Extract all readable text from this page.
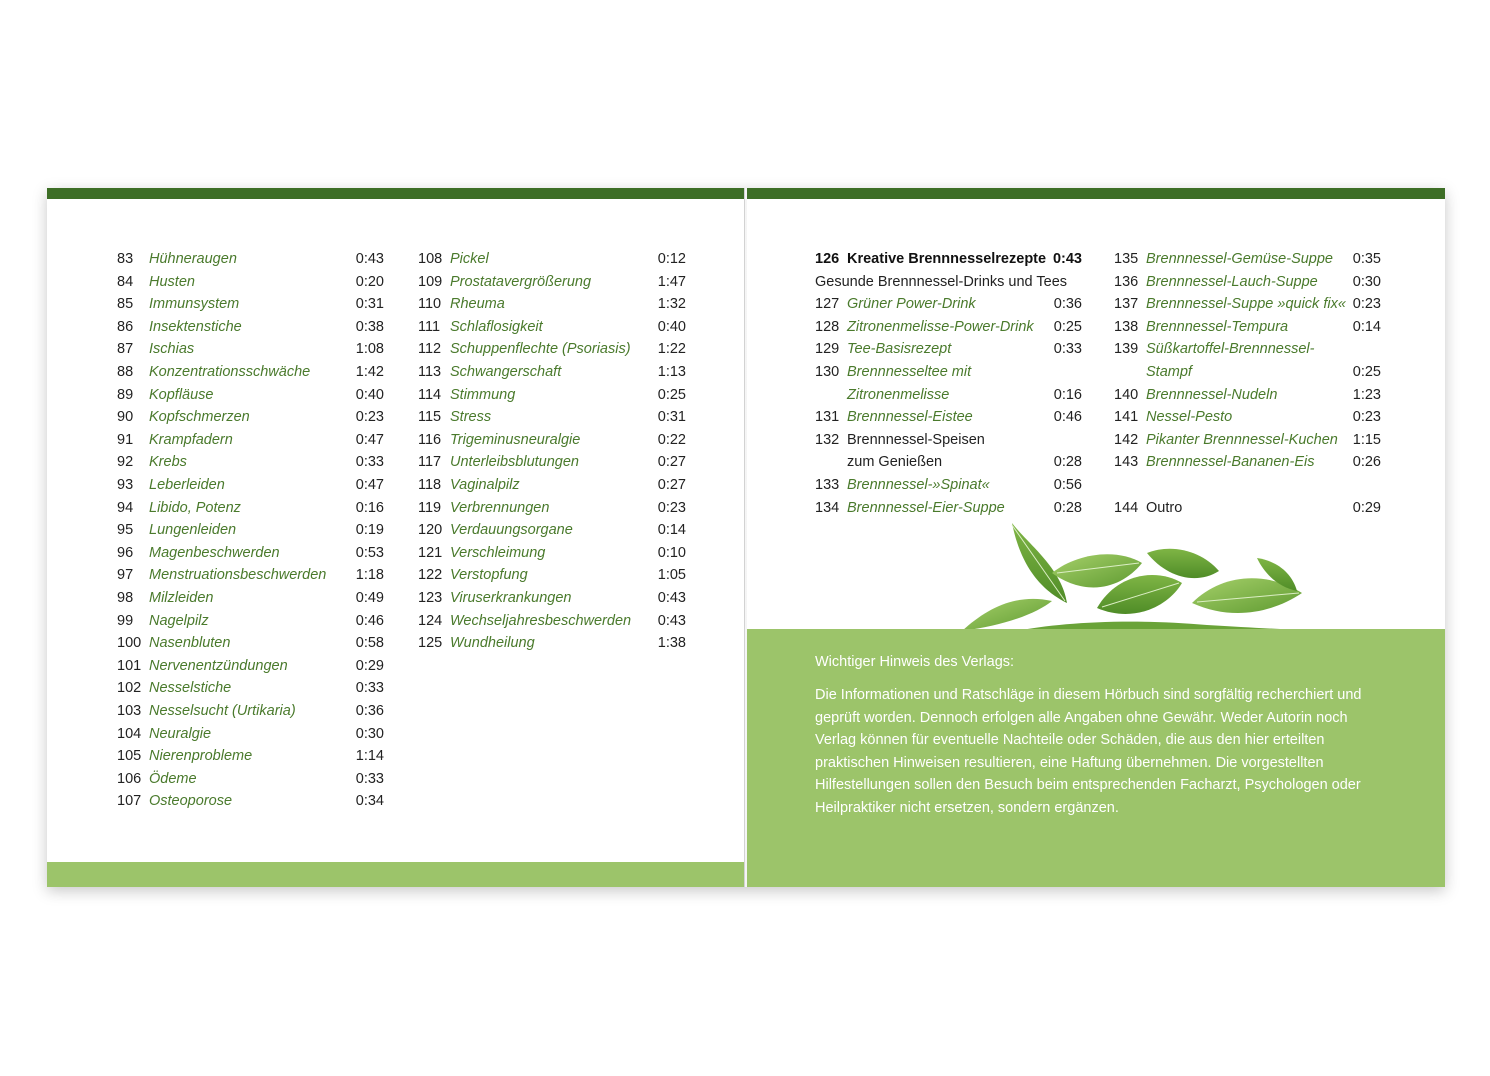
83 Hühneraugen	0:43
84 Husten	0:20
85 Immunsystem	0:31
86 Insektenstiche	0:38
87 Ischias	1:08
88 Konzentrationsschwäche	1:42
89 Kopfläuse	0:40
90 Kopfschmerzen	0:23
91 Krampfadern	0:47
92 Krebs	0:33
93 Leberleiden	0:47
94 Libido, Potenz	0:16
95 Lungenleiden	0:19
96 Magenbeschwerden	0:53
97 Menstruationsbeschwerden 1:18
98 Milzleiden	0:49
99 Nagelpilz	0:46
100 Nasenbluten	0:58
101 Nervenentzündungen	0:29
102 Nesselstiche	0:33
103 Nesselsucht (Urtikaria)	0:36
104 Neuralgie	0:30
105 Nierenprobleme	1:14
106 Ödeme	0:33
107 Osteoporose	0:34
108 Pickel	0:12
109 Prostatavergrößerung	1:47
110 Rheuma	1:32
111 Schlaflosigkeit	0:40
112 Schuppenflechte (Psoriasis) 1:22
113 Schwangerschaft	1:13
114 Stimmung	0:25
115 Stress	0:31
116 Trigeminusneuralgie	0:22
117 Unterleibsblutungen	0:27
118 Vaginalpilz	0:27
119 Verbrennungen	0:23
120 Verdauungsorgane	0:14
121 Verschleimung	0:10
122 Verstopfung	1:05
123 Viruserkrankungen	0:43
124 Wechseljahresbeschwerden 0:43
125 Wundheilung	1:38
126 Kreative Brennnesselrezepte 0:43
Gesunde Brennnessel-Drinks und Tees
127 Grüner Power-Drink	0:36
128 Zitronenmelisse-Power-Drink 0:25
129 Tee-Basisrezept	0:33
130 Brennnesseltee mit
Zitronenmelisse	0:16
131 Brennnessel-Eistee	0:46
132 Brennnessel-Speisen
zum Genießen	0:28
133 Brennnessel-»Spinat«	0:56
134 Brennnessel-Eier-Suppe	0:28
135 Brennnessel-Gemüse-Suppe 0:35
136 Brennnessel-Lauch-Suppe 0:30
137 Brennnessel-Suppe »quick fix« 0:23
138 Brennnessel-Tempura	0:14
139 Süßkartoffel-Brennnessel-
Stampf	0:25
140 Brennnessel-Nudeln	1:23
141 Nessel-Pesto	0:23
142 Pikanter Brennnessel-Kuchen 1:15
143 Brennnessel-Bananen-Eis	0:26
144 Outro	0:29
Wichtiger Hinweis des Verlags:
Die Informationen und Ratschläge in diesem Hörbuch sind sorgfältig recherchiert und geprüft worden. Dennoch erfolgen alle Angaben ohne Gewähr. Weder Autorin noch Verlag können für eventuelle Nachteile oder Schäden, die aus den hier erteilten praktischen Hinweisen resultieren, eine Haftung übernehmen. Die vorgestellten Hilfestellungen sollen den Besuch beim entsprechenden Facharzt, Psychologen oder Heilpraktiker nicht ersetzen, sondern ergänzen.
